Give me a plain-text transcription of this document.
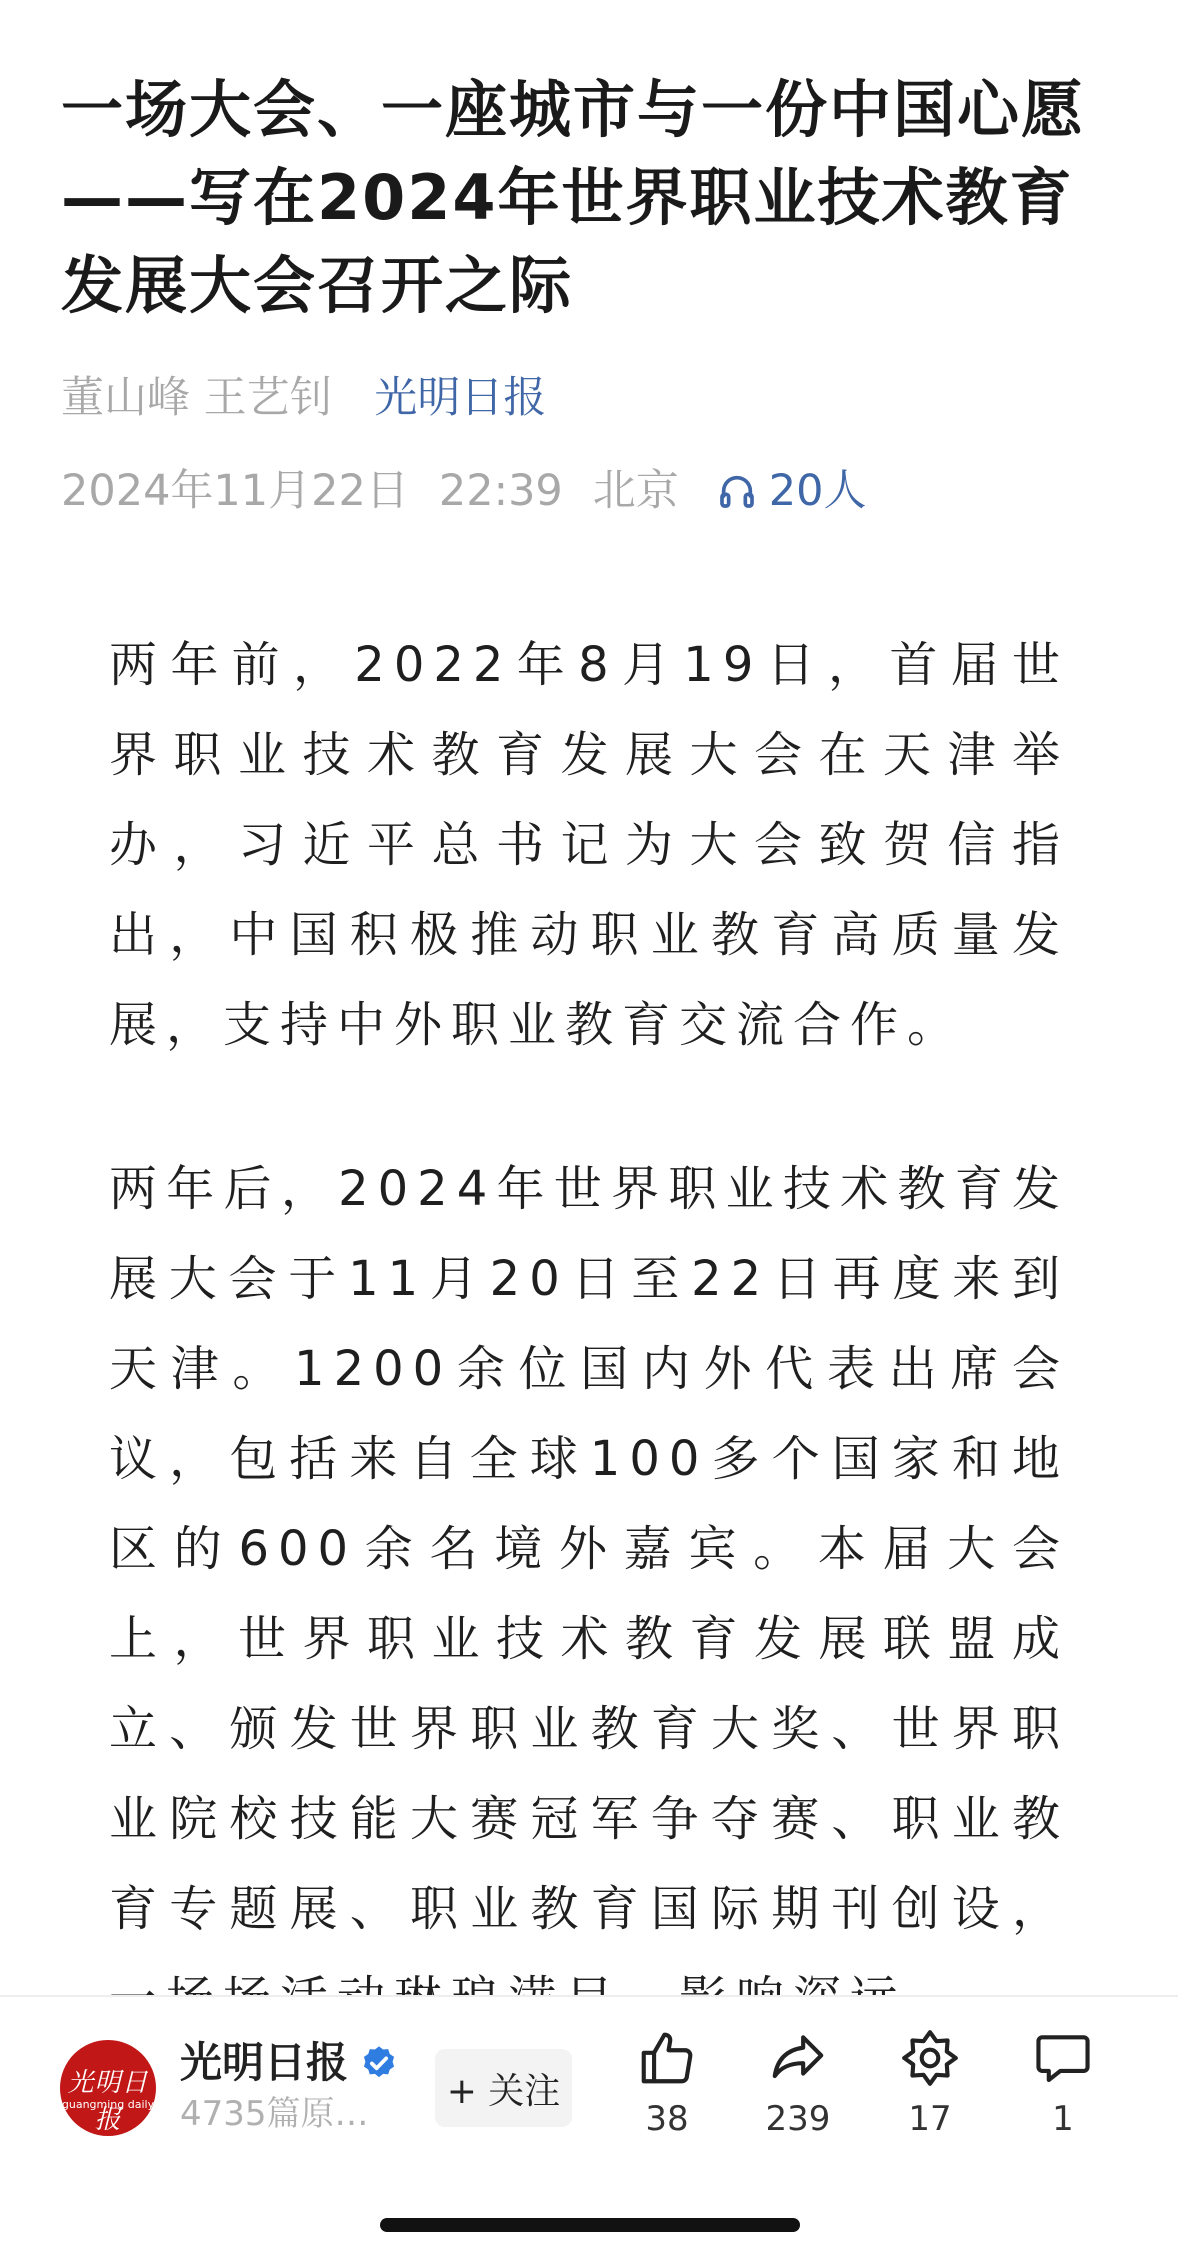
一场大会、一座城市与一份中国心愿——写在2024年世界职业技术教育发展大会召开之际
董山峰 王艺钊 光明日报
2024年11月22日 22:39 北京 20人

两年前，2022年8月19日，首届世界职业技术教育发展大会在天津举办，习近平总书记为大会致贺信指出，中国积极推动职业教育高质量发展，支持中外职业教育交流合作。

两年后，2024年世界职业技术教育发展大会于11月20日至22日再度来到天津。1200余位国内外代表出席会议，包括来自全球100多个国家和地区的600余名境外嘉宾。本届大会上，世界职业技术教育发展联盟成立、颁发世界职业教育大奖、世界职业院校技能大赛冠军争夺赛、职业教育专题展、职业教育国际期刊创设，

光明日报
guangming daily
光明日报
4735篇原…
+ 关注
38	239	17	1
